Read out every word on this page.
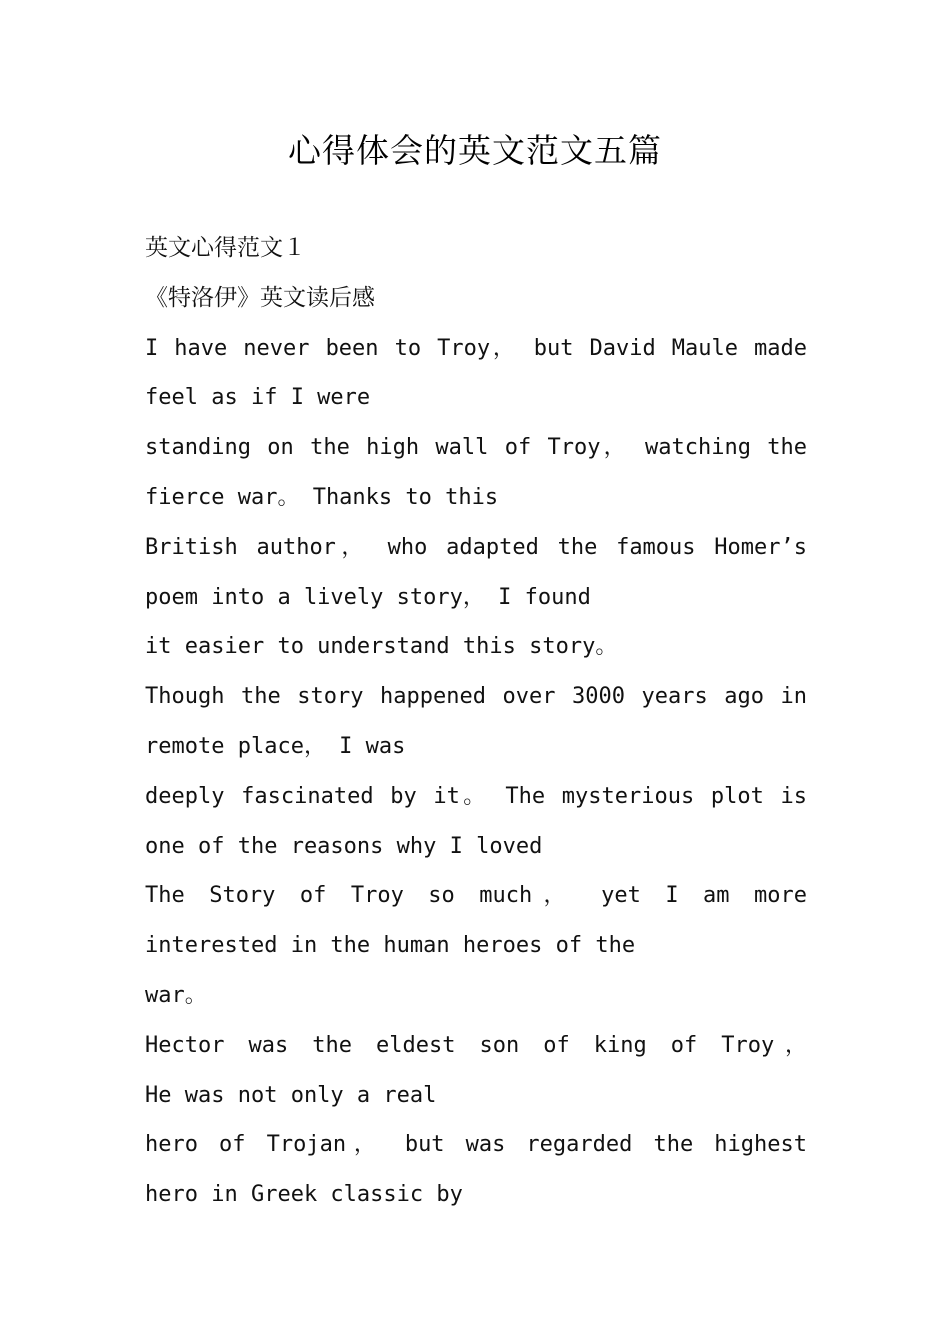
心得体会的英文范文五篇
英文心得范文１
《特洛伊》英文读后感
I have never been to Troy， but David Maule made
feel as if I were
standing on the high wall of Troy， watching the
fierce war。 Thanks to this
British author， who adapted the famous Homer’s
poem into a lively story， I found
it easier to understand this story。
Though the story happened over 3000 years ago in
remote place， I was
deeply fascinated by it。 The mysterious plot is
one of the reasons why I loved
The Story of Troy so much， yet I am more
interested in the human heroes of the
war。
Hector was the eldest son of king of Troy，
He was not only a real
hero of Trojan， but was regarded the highest
hero in Greek classic by
